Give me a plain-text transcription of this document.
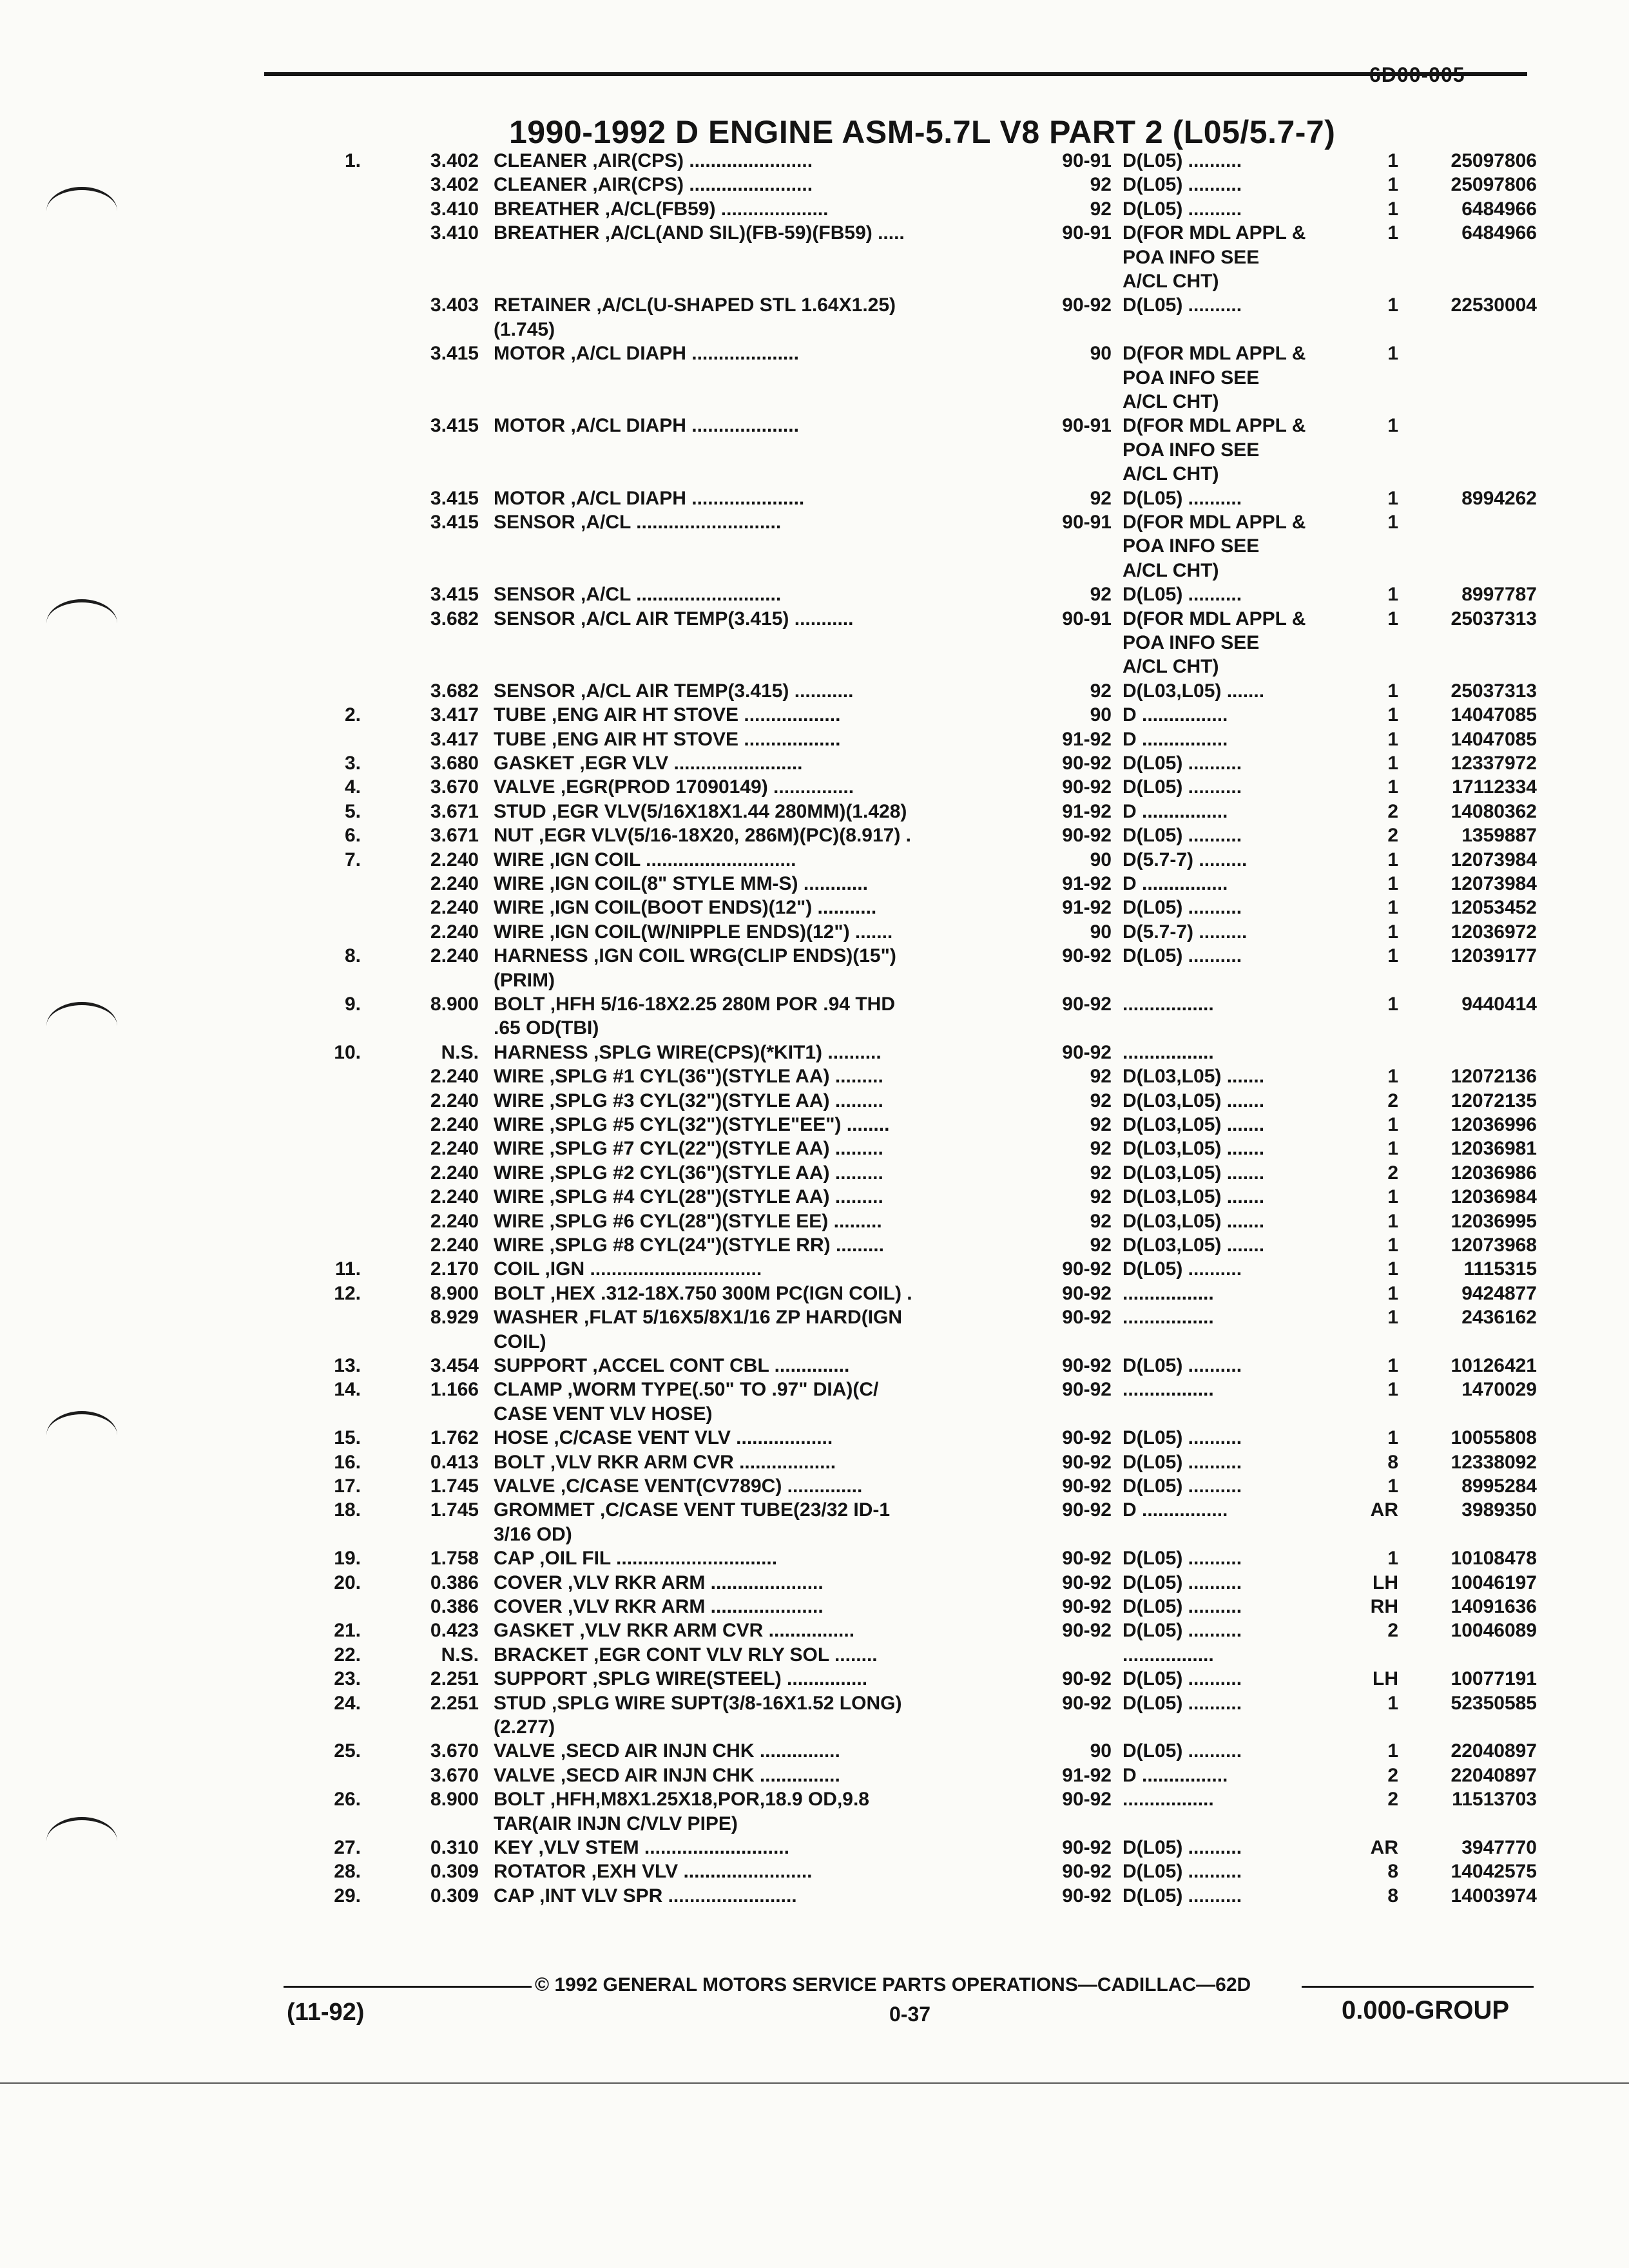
6D00-005
1990-1992 D ENGINE ASM-5.7L V8 PART 2 (L05/5.7-7)
1.	3.402 CLEANER ,AIR(CPS) .......................	90-91 D(L05) ..........	1	25097806
3.402 CLEANER ,AIR(CPS) .......................	92 D(L05) ..........	1	25097806
3.410 BREATHER ,A/CL(FB59) ....................	92 D(L05) ..........	1	6484966
3.410 BREATHER ,A/CL(AND SIL)(FB-59)(FB59) .....	90-91 D(FOR MDL APPL &	1	6484966
POA INFO SEE
A/CL CHT)
3.403 RETAINER ,A/CL(U-SHAPED STL 1.64X1.25)	90-92 D(L05) ..........	1	22530004
(1.745)
3.415 MOTOR ,A/CL DIAPH ....................	90 D(FOR MDL APPL &	1
POA INFO SEE
A/CL CHT)
3.415 MOTOR ,A/CL DIAPH ....................	90-91 D(FOR MDL APPL &	1
POA INFO SEE
A/CL CHT)
3.415 MOTOR ,A/CL DIAPH .....................	92 D(L05) ..........	1	8994262
3.415 SENSOR ,A/CL ...........................	90-91 D(FOR MDL APPL &	1
POA INFO SEE
A/CL CHT)
3.415 SENSOR ,A/CL ...........................	92 D(L05) ..........	1	8997787
3.682 SENSOR ,A/CL AIR TEMP(3.415) ...........	90-91 D(FOR MDL APPL &	1	25037313
POA INFO SEE
A/CL CHT)
3.682 SENSOR ,A/CL AIR TEMP(3.415) ...........	92 D(L03,L05) .......	1	25037313
2.	3.417 TUBE ,ENG AIR HT STOVE ..................	90 D ................	1	14047085
3.417 TUBE ,ENG AIR HT STOVE ..................	91-92 D ................	1	14047085
3.	3.680 GASKET ,EGR VLV ........................	90-92 D(L05) ..........	1	12337972
4.	3.670 VALVE ,EGR(PROD 17090149) ...............	90-92 D(L05) ..........	1	17112334
5.	3.671 STUD ,EGR VLV(5/16X18X1.44 280MM)(1.428)	91-92 D ................	2	14080362
6.	3.671 NUT ,EGR VLV(5/16-18X20, 286M)(PC)(8.917) .	90-92 D(L05) ..........	2	1359887
7.	2.240 WIRE ,IGN COIL ............................	90 D(5.7-7) .........	1	12073984
2.240 WIRE ,IGN COIL(8" STYLE MM-S) ............	91-92 D ................	1	12073984
2.240 WIRE ,IGN COIL(BOOT ENDS)(12") ...........	91-92 D(L05) ..........	1	12053452
2.240 WIRE ,IGN COIL(W/NIPPLE ENDS)(12") .......	90 D(5.7-7) .........	1	12036972
8.	2.240 HARNESS ,IGN COIL WRG(CLIP ENDS)(15")	90-92 D(L05) ..........	1	12039177
(PRIM)
9.	8.900 BOLT ,HFH 5/16-18X2.25 280M POR .94 THD	90-92 .................	1	9440414
.65 OD(TBI)
10.	N.S. HARNESS ,SPLG WIRE(CPS)(*KIT1) ..........	90-92 .................
2.240 WIRE ,SPLG #1 CYL(36")(STYLE AA) .........	92 D(L03,L05) .......	1	12072136
2.240 WIRE ,SPLG #3 CYL(32")(STYLE AA) .........	92 D(L03,L05) .......	2	12072135
2.240 WIRE ,SPLG #5 CYL(32")(STYLE"EE") ........	92 D(L03,L05) .......	1	12036996
2.240 WIRE ,SPLG #7 CYL(22")(STYLE AA) .........	92 D(L03,L05) .......	1	12036981
2.240 WIRE ,SPLG #2 CYL(36")(STYLE AA) .........	92 D(L03,L05) .......	2	12036986
2.240 WIRE ,SPLG #4 CYL(28")(STYLE AA) .........	92 D(L03,L05) .......	1	12036984
2.240 WIRE ,SPLG #6 CYL(28")(STYLE EE) .........	92 D(L03,L05) .......	1	12036995
2.240 WIRE ,SPLG #8 CYL(24")(STYLE RR) .........	92 D(L03,L05) .......	1	12073968
11.	2.170 COIL ,IGN ................................	90-92 D(L05) ..........	1	1115315
12.	8.900 BOLT ,HEX .312-18X.750 300M PC(IGN COIL) .	90-92 .................	1	9424877
8.929 WASHER ,FLAT 5/16X5/8X1/16 ZP HARD(IGN	90-92 .................	1	2436162
COIL)
13.	3.454 SUPPORT ,ACCEL CONT CBL ..............	90-92 D(L05) ..........	1	10126421
14.	1.166 CLAMP ,WORM TYPE(.50" TO .97" DIA)(C/	90-92 .................	1	1470029
CASE VENT VLV HOSE)
15.	1.762 HOSE ,C/CASE VENT VLV ..................	90-92 D(L05) ..........	1	10055808
16.	0.413 BOLT ,VLV RKR ARM CVR ..................	90-92 D(L05) ..........	8	12338092
17.	1.745 VALVE ,C/CASE VENT(CV789C) ..............	90-92 D(L05) ..........	1	8995284
18.	1.745 GROMMET ,C/CASE VENT TUBE(23/32 ID-1	90-92 D ................	AR	3989350
3/16 OD)
19.	1.758 CAP ,OIL FIL ..............................	90-92 D(L05) ..........	1	10108478
20.	0.386 COVER ,VLV RKR ARM .....................	90-92 D(L05) ..........	LH	10046197
0.386 COVER ,VLV RKR ARM .....................	90-92 D(L05) ..........	RH	14091636
21.	0.423 GASKET ,VLV RKR ARM CVR ................	90-92 D(L05) ..........	2	10046089
22.	N.S. BRACKET ,EGR CONT VLV RLY SOL ........	.................
23.	2.251 SUPPORT ,SPLG WIRE(STEEL) ...............	90-92 D(L05) ..........	LH	10077191
24.	2.251 STUD ,SPLG WIRE SUPT(3/8-16X1.52 LONG)	90-92 D(L05) ..........	1	52350585
(2.277)
25.	3.670 VALVE ,SECD AIR INJN CHK ...............	90 D(L05) ..........	1	22040897
3.670 VALVE ,SECD AIR INJN CHK ...............	91-92 D ................	2	22040897
26.	8.900 BOLT ,HFH,M8X1.25X18,POR,18.9 OD,9.8	90-92 .................	2	11513703
TAR(AIR INJN C/VLV PIPE)
27.	0.310 KEY ,VLV STEM ...........................	90-92 D(L05) ..........	AR	3947770
28.	0.309 ROTATOR ,EXH VLV ........................	90-92 D(L05) ..........	8	14042575
29.	0.309 CAP ,INT VLV SPR ........................	90-92 D(L05) ..........	8	14003974
© 1992 GENERAL MOTORS SERVICE PARTS OPERATIONS—CADILLAC—62D
(11-92)	0-37	0.000-GROUP
